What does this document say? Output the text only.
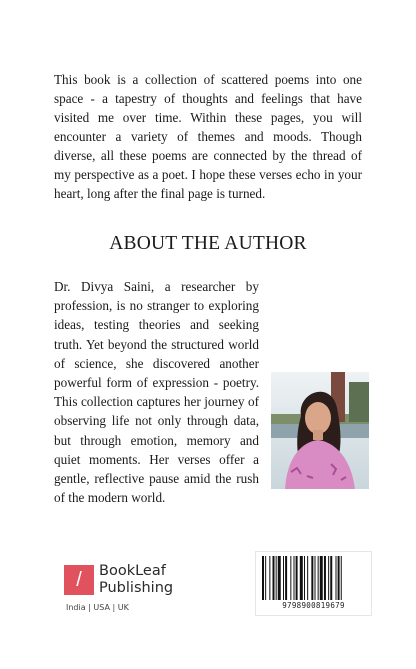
This book is a collection of scattered poems into one space - a tapestry of thoughts and feelings that have visited me over time. Within these pages, you will encounter a variety of themes and moods. Though diverse, all these poems are connected by the thread of my perspective as a poet. I hope these verses echo in your heart, long after the final page is turned.

ABOUT THE AUTHOR

Dr. Divya Saini, a researcher by profession, is no stranger to exploring ideas, testing theories and seeking truth. Yet beyond the structured world of science, she discovered another powerful form of expression - poetry. This collection captures her journey of observing life not only through data, but through emotion, memory and quiet moments. Her verses offer a gentle, reflective pause amid the rush of the modern world.

/	BookLeaf
Publishing
India | USA | UK	9798900819679
